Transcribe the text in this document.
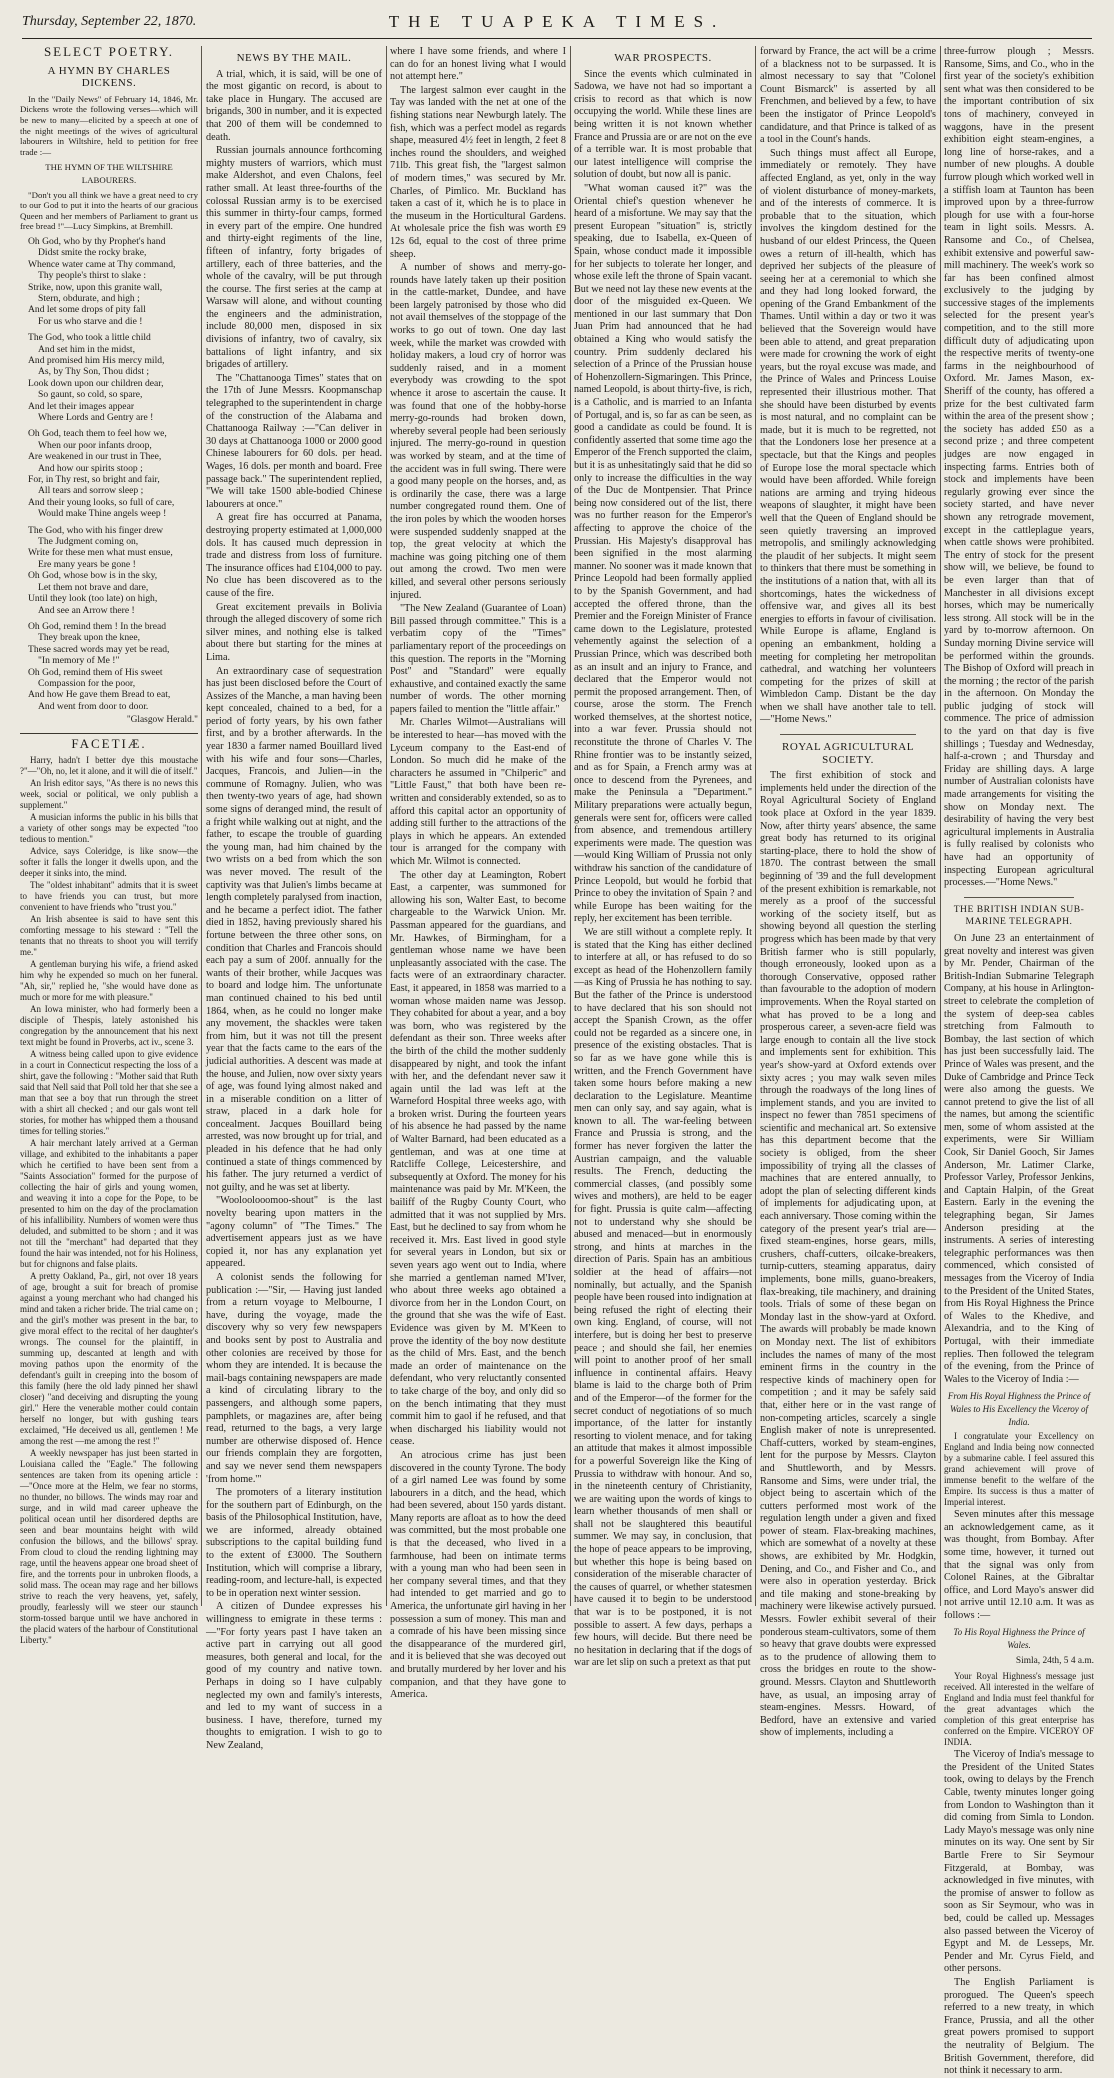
Thursday, September 22, 1870.	THE TUAPEKA TIMES.
SELECT POETRY.
A HYMN BY CHARLES DICKENS.

In the "Daily News" of February 14, 1846, Mr. Dickens wrote the following verses—which will be new to many—elicited by a speech at one of the night meetings of the wives of agricultural labourers in Wiltshire, held to petition for free trade :—

THE HYMN OF THE WILTSHIRE LABOURERS.

"Don't you all think we have a great need to cry to our God to put it into the hearts of our gracious Queen and her members of Parliament to grant us free bread !"—Lucy Simpkins, at Bremhill.

Oh God, who by thy Prophet's hand

Didst smite the rocky brake,

Whence water came at Thy command,

Thy people's thirst to slake :

Strike, now, upon this granite wall,

Stern, obdurate, and high ;

And let some drops of pity fall

For us who starve and die !

The God, who took a little child

And set him in the midst,

And promised him His mercy mild,

As, by Thy Son, Thou didst ;

Look down upon our children dear,

So gaunt, so cold, so spare,

And let their images appear

Where Lords and Gentry are !

Oh God, teach them to feel how we,

When our poor infants droop,

Are weakened in our trust in Thee,

And how our spirits stoop ;

For, in Thy rest, so bright and fair,

All tears and sorrow sleep ;

And their young looks, so full of care,

Would make Thine angels weep !

The God, who with his finger drew

The Judgment coming on,

Write for these men what must ensue,

Ere many years be gone !

Oh God, whose bow is in the sky,

Let them not brave and dare,

Until they look (too late) on high,

And see an Arrow there !

Oh God, remind them ! In the bread

They break upon the knee,

These sacred words may yet be read,

"In memory of Me !"

Oh God, remind them of His sweet

Compassion for the poor,

And how He gave them Bread to eat,

And went from door to door.

"Glasgow Herald."
FACETIÆ.

Harry, hadn't I better dye this moustache ?"—"Oh, no, let it alone, and it will die of itself."

An Irish editor says, "As there is no news this week, social or political, we only publish a supplement."

A musician informs the public in his bills that a variety of other songs may be expected "too tedious to mention."

Advice, says Coleridge, is like snow—the softer it falls the longer it dwells upon, and the deeper it sinks into, the mind.

The "oldest inhabitant" admits that it is sweet to have friends you can trust, but more convenient to have friends who "trust you."

An Irish absentee is said to have sent this comforting message to his steward : "Tell the tenants that no threats to shoot you will terrify me."

A gentleman burying his wife, a friend asked him why he expended so much on her funeral. "Ah, sir," replied he, "she would have done as much or more for me with pleasure."

An Iowa minister, who had formerly been a disciple of Thespis, lately astonished his congregation by the announcement that his next text might be found in Proverbs, act iv., scene 3.

A witness being called upon to give evidence in a court in Connecticut respecting the loss of a shirt, gave the following : "Mother said that Ruth said that Nell said that Poll told her that she see a man that see a boy that run through the street with a shirt all checked ; and our gals wont tell stories, for mother has whipped them a thousand times for telling stories."

A hair merchant lately arrived at a German village, and exhibited to the inhabitants a paper which he certified to have been sent from a "Saints Association" formed for the purpose of collecting the hair of girls and young women, and weaving it into a cope for the Pope, to be presented to him on the day of the proclamation of his infallibility. Numbers of women were thus deluded, and submitted to be shorn ; and it was not till the "merchant" had departed that they found the hair was intended, not for his Holiness, but for chignons and false plaits.

A pretty Oakland, Pa., girl, not over 18 years of age, brought a suit for breach of promise against a young merchant who had changed his mind and taken a richer bride. The trial came on ; and the girl's mother was present in the bar, to give moral effect to the recital of her daughter's wrongs. The counsel for the plaintiff, in summing up, descanted at length and with moving pathos upon the enormity of the defendant's guilt in creeping into the bosom of this family (here the old lady pinned her shawl closer) "and deceiving and disrupting the young girl." Here the venerable mother could contain herself no longer, but with gushing tears exclaimed, "He deceived us all, gentlemen ! Me among the rest —me among the rest !"

A weekly newspaper has just been started in Louisiana called the "Eagle." The following sentences are taken from its opening article :—"Once more at the Helm, we fear no storms, no thunder, no billows. The winds may roar and surge, and in wild mad career upheave the political ocean until her disordered depths are seen and bear mountains height with wild confusion the billows, and the billows' spray. From cloud to cloud the rending lightning may rage, until the heavens appear one broad sheet of fire, and the torrents pour in unbroken floods, a solid mass. The ocean may rage and her billows strive to reach the very heavens, yet, safely, proudly, fearlessly will we steer our staunch storm-tossed barque until we have anchored in the placid waters of the harbour of Constitutional Liberty."

NEWS BY THE MAIL.

A trial, which, it is said, will be one of the most gigantic on record, is about to take place in Hungary. The accused are brigands, 300 in number, and it is expected that 200 of them will be condemned to death.

Russian journals announce forthcoming mighty musters of warriors, which must make Aldershot, and even Chalons, feel rather small. At least three-fourths of the colossal Russian army is to be exercised this summer in thirty-four camps, formed in every part of the empire. One hundred and thirty-eight regiments of the line, fifteen of infantry, forty brigades of artillery, each of three batteries, and the whole of the cavalry, will be put through the course. The first series at the camp at Warsaw will alone, and without counting the engineers and the administration, include 80,000 men, disposed in six divisions of infantry, two of cavalry, six battalions of light infantry, and six brigades of artillery.

The "Chattanooga Times" states that on the 17th of June Messrs. Koopmanschap telegraphed to the superintendent in charge of the construction of the Alabama and Chattanooga Railway :—"Can deliver in 30 days at Chattanooga 1000 or 2000 good Chinese labourers for 60 dols. per head. Wages, 16 dols. per month and board. Free passage back." The superintendent replied, "We will take 1500 able-bodied Chinese labourers at once."

A great fire has occurred at Panama, destroying property estimated at 1,000,000 dols. It has caused much depression in trade and distress from loss of furniture. The insurance offices had £104,000 to pay. No clue has been discovered as to the cause of the fire.

Great excitement prevails in Bolivia through the alleged discovery of some rich silver mines, and nothing else is talked about there but starting for the mines at Lima.

An extraordinary case of sequestration has just been disclosed before the Court of Assizes of the Manche, a man having been kept concealed, chained to a bed, for a period of forty years, by his own father first, and by a brother afterwards. In the year 1830 a farmer named Bouillard lived with his wife and four sons—Charles, Jacques, Francois, and Julien—in the commune of Romagny. Julien, who was then twenty-two years of age, had shown some signs of deranged mind, the result of a fright while walking out at night, and the father, to escape the trouble of guarding the young man, had him chained by the two wrists on a bed from which the son was never moved. The result of the captivity was that Julien's limbs became at length completely paralysed from inaction, and he became a perfect idiot. The father died in 1852, having previously shared his fortune between the three other sons, on condition that Charles and Francois should each pay a sum of 200f. annually for the wants of their brother, while Jacques was to board and lodge him. The unfortunate man continued chained to his bed until 1864, when, as he could no longer make any movement, the shackles were taken from him, but it was not till the present year that the facts came to the ears of the judicial authorities. A descent was made at the house, and Julien, now over sixty years of age, was found lying almost naked and in a miserable condition on a litter of straw, placed in a dark hole for concealment. Jacques Bouillard being arrested, was now brought up for trial, and pleaded in his defence that he had only continued a state of things commenced by his father. The jury returned a verdict of not guilty, and he was set at liberty.

"Wooloolooomoo-shout" is the last novelty bearing upon matters in the "agony column" of "The Times." The advertisement appears just as we have copied it, nor has any explanation yet appeared.

A colonist sends the following for publication :—"Sir, — Having just landed from a return voyage to Melbourne, I have, during the voyage, made the discovery why so very few newspapers and books sent by post to Australia and other colonies are received by those for whom they are intended. It is because the mail-bags containing newspapers are made a kind of circulating library to the passengers, and although some papers, pamphlets, or magazines are, after being read, returned to the bags, a very large number are otherwise disposed of. Hence our friends complain they are forgotten, and say we never send them newspapers 'from home.'"

The promoters of a literary institution for the southern part of Edinburgh, on the basis of the Philosophical Institution, have, we are informed, already obtained subscriptions to the capital building fund to the extent of £3000. The Southern Institution, which will comprise a library, reading-room, and lecture-hall, is expected to be in operation next winter session.

A citizen of Dundee expresses his willingness to emigrate in these terms :—"For forty years past I have taken an active part in carrying out all good measures, both general and local, for the good of my country and native town. Perhaps in doing so I have culpably neglected my own and family's interests, and led to my want of success in a business. I have, therefore, turned my thoughts to emigration. I wish to go to New Zealand,

where I have some friends, and where I can do for an honest living what I would not attempt here."

The largest salmon ever caught in the Tay was landed with the net at one of the fishing stations near Newburgh lately. The fish, which was a perfect model as regards shape, measured 4½ feet in length, 2 feet 8 inches round the shoulders, and weighed 71lb. This great fish, the "largest salmon of modern times," was secured by Mr. Charles, of Pimlico. Mr. Buckland has taken a cast of it, which he is to place in the museum in the Horticultural Gardens. At wholesale price the fish was worth £9 12s 6d, equal to the cost of three prime sheep.

A number of shows and merry-go-rounds have lately taken up their position in the cattle-market, Dundee, and have been largely patronised by those who did not avail themselves of the stoppage of the works to go out of town. One day last week, while the market was crowded with holiday makers, a loud cry of horror was suddenly raised, and in a moment everybody was crowding to the spot whence it arose to ascertain the cause. It was found that one of the hobby-horse merry-go-rounds had broken down, whereby several people had been seriously injured. The merry-go-round in question was worked by steam, and at the time of the accident was in full swing. There were a good many people on the horses, and, as is ordinarily the case, there was a large number congregated round them. One of the iron poles by which the wooden horses were suspended suddenly snapped at the top, the great velocity at which the machine was going pitching one of them out among the crowd. Two men were killed, and several other persons seriously injured.

"The New Zealand (Guarantee of Loan) Bill passed through committee." This is a verbatim copy of the "Times" parliamentary report of the proceedings on this question. The reports in the "Morning Post" and "Standard" were equally exhaustive, and contained exactly the same number of words. The other morning papers failed to mention the "little affair."

Mr. Charles Wilmot—Australians will be interested to hear—has moved with the Lyceum company to the East-end of London. So much did he make of the characters he assumed in "Chilperic" and "Little Faust," that both have been re-written and considerably extended, so as to afford this capital actor an opportunity of adding still further to the attractions of the plays in which he appears. An extended tour is arranged for the company with which Mr. Wilmot is connected.

The other day at Leamington, Robert East, a carpenter, was summoned for allowing his son, Walter East, to become chargeable to the Warwick Union. Mr. Passman appeared for the guardians, and Mr. Hawkes, of Birmingham, for a gentleman whose name we have been unpleasantly associated with the case. The facts were of an extraordinary character. East, it appeared, in 1858 was married to a woman whose maiden name was Jessop. They cohabited for about a year, and a boy was born, who was registered by the defendant as their son. Three weeks after the birth of the child the mother suddenly disappeared by night, and took the infant with her, and the defendant never saw it again until the lad was left at the Warneford Hospital three weeks ago, with a broken wrist. During the fourteen years of his absence he had passed by the name of Walter Barnard, had been educated as a gentleman, and was at one time at Ratcliffe College, Leicestershire, and subsequently at Oxford. The money for his maintenance was paid by Mr. M'Keen, the bailiff of the Rugby County Court, who admitted that it was not supplied by Mrs. East, but he declined to say from whom he received it. Mrs. East lived in good style for several years in London, but six or seven years ago went out to India, where she married a gentleman named M'Iver, who about three weeks ago obtained a divorce from her in the London Court, on the ground that she was the wife of East. Evidence was given by M. M'Keen to prove the identity of the boy now destitute as the child of Mrs. East, and the bench made an order of maintenance on the defendant, who very reluctantly consented to take charge of the boy, and only did so on the bench intimating that they must commit him to gaol if he refused, and that when discharged his liability would not cease.

An atrocious crime has just been discovered in the county Tyrone. The body of a girl named Lee was found by some labourers in a ditch, and the head, which had been severed, about 150 yards distant. Many reports are afloat as to how the deed was committed, but the most probable one is that the deceased, who lived in a farmhouse, had been on intimate terms with a young man who had been seen in her company several times, and that they had intended to get married and go to America, the unfortunate girl having in her possession a sum of money. This man and a comrade of his have been missing since the disappearance of the murdered girl, and it is believed that she was decoyed out and brutally murdered by her lover and his companion, and that they have gone to America.

WAR PROSPECTS.

Since the events which culminated in Sadowa, we have not had so important a crisis to record as that which is now occupying the world. While these lines are being written it is not known whether France and Prussia are or are not on the eve of a terrible war. It is most probable that our latest intelligence will comprise the solution of doubt, but now all is panic.

"What woman caused it?" was the Oriental chief's question whenever he heard of a misfortune. We may say that the present European "situation" is, strictly speaking, due to Isabella, ex-Queen of Spain, whose conduct made it impossible for her subjects to tolerate her longer, and whose exile left the throne of Spain vacant. But we need not lay these new events at the door of the misguided ex-Queen. We mentioned in our last summary that Don Juan Prim had announced that he had obtained a King who would satisfy the country. Prim suddenly declared his selection of a Prince of the Prussian house of Hohenzollern-Sigmaringen. This Prince, named Leopold, is about thirty-five, is rich, is a Catholic, and is married to an Infanta of Portugal, and is, so far as can be seen, as good a candidate as could be found. It is confidently asserted that some time ago the Emperor of the French supported the claim, but it is as unhesitatingly said that he did so only to increase the difficulties in the way of the Duc de Montpensier. That Prince being now considered out of the list, there was no further reason for the Emperor's affecting to approve the choice of the Prussian. His Majesty's disapproval has been signified in the most alarming manner. No sooner was it made known that Prince Leopold had been formally applied to by the Spanish Government, and had accepted the offered throne, than the Premier and the Foreign Minister of France came down to the Legislature, protested vehemently against the selection of a Prussian Prince, which was described both as an insult and an injury to France, and declared that the Emperor would not permit the proposed arrangement. Then, of course, arose the storm. The French worked themselves, at the shortest notice, into a war fever. Prussia should not reconstitute the throne of Charles V. The Rhine frontier was to be instantly seized, and as for Spain, a French army was at once to descend from the Pyrenees, and make the Peninsula a "Department." Military preparations were actually begun, generals were sent for, officers were called from absence, and tremendous artillery experiments were made. The question was—would King William of Prussia not only withdraw his sanction of the candidature of Prince Leopold, but would he forbid that Prince to obey the invitation of Spain ? and while Europe has been waiting for the reply, her excitement has been terrible.

We are still without a complete reply. It is stated that the King has either declined to interfere at all, or has refused to do so except as head of the Hohenzollern family—as King of Prussia he has nothing to say. But the father of the Prince is understood to have declared that his son should not accept the Spanish Crown, as the offer could not be regarded as a sincere one, in presence of the existing obstacles. That is so far as we have gone while this is written, and the French Government have taken some hours before making a new declaration to the Legislature. Meantime men can only say, and say again, what is known to all. The war-feeling between France and Prussia is strong, and the former has never forgiven the latter the Austrian campaign, and the valuable results. The French, deducting the commercial classes, (and possibly some wives and mothers), are held to be eager for fight. Prussia is quite calm—affecting not to understand why she should be abused and menaced—but in enormously strong, and hints at marches in the direction of Paris. Spain has an ambitious soldier at the head of affairs—not nominally, but actually, and the Spanish people have been roused into indignation at being refused the right of electing their own king. England, of course, will not interfere, but is doing her best to preserve peace ; and should she fail, her enemies will point to another proof of her small influence in continental affairs. Heavy blame is laid to the charge both of Prim and of the Emperor—of the former for the secret conduct of negotiations of so much importance, of the latter for instantly resorting to violent menace, and for taking an attitude that makes it almost impossible for a powerful Sovereign like the King of Prussia to withdraw with honour. And so, in the nineteenth century of Christianity, we are waiting upon the words of kings to learn whether thousands of men shall or shall not be slaughtered this beautiful summer. We may say, in conclusion, that the hope of peace appears to be improving, but whether this hope is being based on consideration of the miserable character of the causes of quarrel, or whether statesmen have caused it to begin to be understood that war is to be postponed, it is not possible to assert. A few days, perhaps a few hours, will decide. But there need be no hesitation in declaring that if the dogs of war are let slip on such a pretext as that put

forward by France, the act will be a crime of a blackness not to be surpassed. It is almost necessary to say that "Colonel Count Bismarck" is asserted by all Frenchmen, and believed by a few, to have been the instigator of Prince Leopold's candidature, and that Prince is talked of as a tool in the Count's hands.

Such things must affect all Europe, immediately or remotely. They have affected England, as yet, only in the way of violent disturbance of money-markets, and of the interests of commerce. It is probable that to the situation, which involves the kingdom destined for the husband of our eldest Princess, the Queen owes a return of ill-health, which has deprived her subjects of the pleasure of seeing her at a ceremonial to which she and they had long looked forward, the opening of the Grand Embankment of the Thames. Until within a day or two it was believed that the Sovereign would have been able to attend, and great preparation were made for crowning the work of eight years, but the royal excuse was made, and the Prince of Wales and Princess Louise represented their illustrious mother. That she should have been disturbed by events is most natural, and no complaint can be made, but it is much to be regretted, not that the Londoners lose her presence at a spectacle, but that the Kings and peoples of Europe lose the moral spectacle which would have been afforded. While foreign nations are arming and trying hideous weapons of slaughter, it might have been well that the Queen of England should be seen quietly traversing an improved metropolis, and smilingly acknowledging the plaudit of her subjects. It might seem to thinkers that there must be something in the institutions of a nation that, with all its shortcomings, hates the wickedness of offensive war, and gives all its best energies to efforts in favour of civilisation. While Europe is aflame, England is opening an embankment, holding a meeting for completing her metropolitan cathedral, and watching her volunteers competing for the prizes of skill at Wimbledon Camp. Distant be the day when we shall have another tale to tell.—"Home News."

ROYAL AGRICULTURAL SOCIETY.

The first exhibition of stock and implements held under the direction of the Royal Agricultural Society of England took place at Oxford in the year 1839. Now, after thirty years' absence, the same great body has returned to its original starting-place, there to hold the show of 1870. The contrast between the small beginning of '39 and the full development of the present exhibition is remarkable, not merely as a proof of the successful working of the society itself, but as showing beyond all question the sterling progress which has been made by that very British farmer who is still popularly, though erroneously, looked upon as a thorough Conservative, opposed rather than favourable to the adoption of modern improvements. When the Royal started on what has proved to be a long and prosperous career, a seven-acre field was large enough to contain all the live stock and implements sent for exhibition. This year's show-yard at Oxford extends over sixty acres ; you may walk seven miles through the roadways of the long lines of implement stands, and you are invited to inspect no fewer than 7851 specimens of scientific and mechanical art. So extensive has this department become that the society is obliged, from the sheer impossibility of trying all the classes of machines that are entered annually, to adopt the plan of selecting different kinds of implements for adjudicating upon, at each anniversary. Those coming within the category of the present year's trial are—fixed steam-engines, horse gears, mills, crushers, chaff-cutters, oilcake-breakers, turnip-cutters, steaming apparatus, dairy implements, bone mills, guano-breakers, flax-breaking, tile machinery, and draining tools. Trials of some of these began on Monday last in the show-yard at Oxford. The awards will probably be made known on Monday next. The list of exhibitors includes the names of many of the most eminent firms in the country in the respective kinds of machinery open for competition ; and it may be safely said that, either here or in the vast range of non-competing articles, scarcely a single English maker of note is unrepresented. Chaff-cutters, worked by steam-engines, lent for the purpose by Messrs. Clayton and Shuttleworth, and by Messrs. Ransome and Sims, were under trial, the object being to ascertain which of the cutters performed most work of the regulation length under a given and fixed power of steam. Flax-breaking machines, which are somewhat of a novelty at these shows, are exhibited by Mr. Hodgkin, Dening, and Co., and Fisher and Co., and were also in operation yesterday. Brick and tile making and stone-breaking by machinery were likewise actively pursued. Messrs. Fowler exhibit several of their ponderous steam-cultivators, some of them so heavy that grave doubts were expressed as to the prudence of allowing them to cross the bridges en route to the show-ground. Messrs. Clayton and Shuttleworth have, as usual, an imposing array of steam-engines. Messrs. Howard, of Bedford, have an extensive and varied show of implements, including a

three-furrow plough ; Messrs. Ransome, Sims, and Co., who in the first year of the society's exhibition sent what was then considered to be the important contribution of six tons of machinery, conveyed in waggons, have in the present exhibition eight steam-engines, a long line of horse-rakes, and a number of new ploughs. A double furrow plough which worked well in a stiffish loam at Taunton has been improved upon by a three-furrow plough for use with a four-horse team in light soils. Messrs. A. Ransome and Co., of Chelsea, exhibit extensive and powerful saw-mill machinery. The week's work so far has been confined almost exclusively to the judging by successive stages of the implements selected for the present year's competition, and to the still more difficult duty of adjudicating upon the respective merits of twenty-one farms in the neighbourhood of Oxford. Mr. James Mason, ex-Sheriff of the county, has offered a prize for the best cultivated farm within the area of the present show ; the society has added £50 as a second prize ; and three competent judges are now engaged in inspecting farms. Entries both of stock and implements have been regularly growing ever since the society started, and have never shown any retrograde movement, except in the cattleplague years, when cattle shows were prohibited. The entry of stock for the present show will, we believe, be found to be even larger than that of Manchester in all divisions except horses, which may be numerically less strong. All stock will be in the yard by to-morrow afternoon. On Sunday morning Divine service will be performed within the grounds. The Bishop of Oxford will preach in the morning ; the rector of the parish in the afternoon. On Monday the public judging of stock will commence. The price of admission to the yard on that day is five shillings ; Tuesday and Wednesday, half-a-crown ; and Thursday and Friday are shilling days. A large number of Australian colonists have made arrangements for visiting the show on Monday next. The desirability of having the very best agricultural implements in Australia is fully realised by colonists who have had an opportunity of inspecting European agricultural processes.—"Home News."

THE BRITISH INDIAN SUB-MARINE TELEGRAPH.

On June 23 an entertainment of great novelty and interest was given by Mr. Pender, Chairman of the British-Indian Submarine Telegraph Company, at his house in Arlington-street to celebrate the completion of the system of deep-sea cables stretching from Falmouth to Bombay, the last section of which has just been successfully laid. The Prince of Wales was present, and the Duke of Cambridge and Prince Teck were also among the guests. We cannot pretend to give the list of all the names, but among the scientific men, some of whom assisted at the experiments, were Sir William Cook, Sir Daniel Gooch, Sir James Anderson, Mr. Latimer Clarke, Professor Varley, Professor Jenkins, and Captain Halpin, of the Great Eastern. Early in the evening the telegraphing began, Sir James Anderson presiding at the instruments. A series of interesting telegraphic performances was then commenced, which consisted of messages from the Viceroy of India to the President of the United States, from His Royal Highness the Prince of Wales to the Khedive, and Alexandria, and to the King of Portugal, with their immediate replies. Then followed the telegram of the evening, from the Prince of Wales to the Viceroy of India :—

From His Royal Highness the Prince of Wales to His Excellency the Viceroy of India.

I congratulate your Excellency on England and India being now connected by a submarine cable. I feel assured this grand achievement will prove of immense benefit to the welfare of the Empire. Its success is thus a matter of Imperial interest.

Seven minutes after this message an acknowledgement came, as it was thought, from Bombay. After some time, however, it turned out that the signal was only from Colonel Raines, at the Gibraltar office, and Lord Mayo's answer did not arrive until 12.10 a.m. It was as follows :—

To His Royal Highness the Prince of Wales.
Simla, 24th, 5 4 a.m.

Your Royal Highness's message just received. All interested in the welfare of England and India must feel thankful for the great advantages which the completion of this great enterprise has conferred on the Empire. VICEROY OF INDIA.

The Viceroy of India's message to the President of the United States took, owing to delays by the French Cable, twenty minutes longer going from London to Washington than it did coming from Simla to London. Lady Mayo's message was only nine minutes on its way. One sent by Sir Bartle Frere to Sir Seymour Fitzgerald, at Bombay, was acknowledged in five minutes, with the promise of answer to follow as soon as Sir Seymour, who was in bed, could be called up. Messages also passed between the Viceroy of Egypt and M. de Lesseps, Mr. Pender and Mr. Cyrus Field, and other persons.

The English Parliament is prorogued. The Queen's speech referred to a new treaty, in which France, Prussia, and all the other great powers promised to support the neutrality of Belgium. The British Government, therefore, did not think it necessary to arm.
